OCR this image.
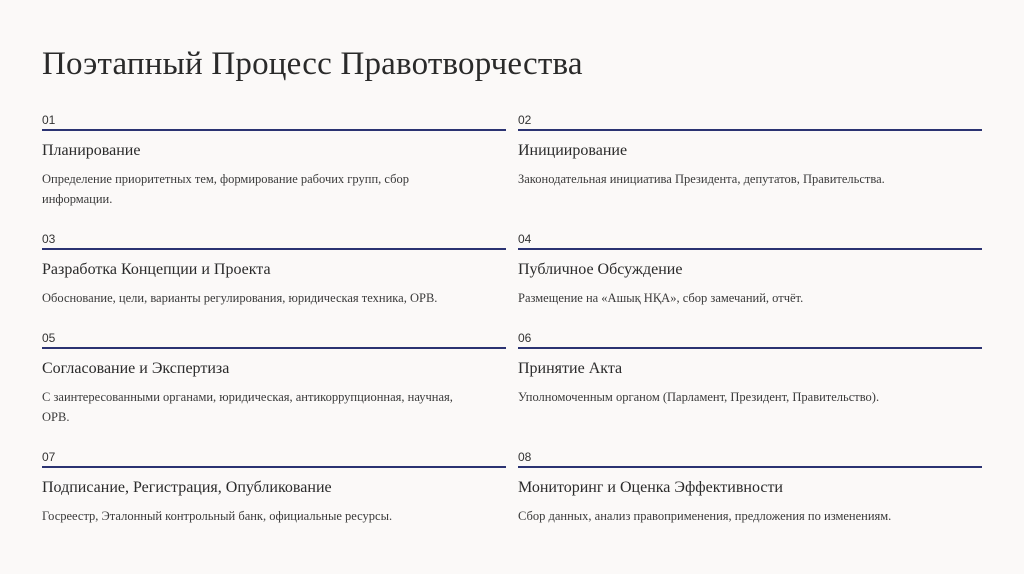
Поэтапный Процесс Правотворчества
01
Планирование
Определение приоритетных тем, формирование рабочих групп, сбор информации.
02
Инициирование
Законодательная инициатива Президента, депутатов, Правительства.
03
Разработка Концепции и Проекта
Обоснование, цели, варианты регулирования, юридическая техника, ОРВ.
04
Публичное Обсуждение
Размещение на «Ашық НҚА», сбор замечаний, отчёт.
05
Согласование и Экспертиза
С заинтересованными органами, юридическая, антикоррупционная, научная, ОРВ.
06
Принятие Акта
Уполномоченным органом (Парламент, Президент, Правительство).
07
Подписание, Регистрация, Опубликование
Госреестр, Эталонный контрольный банк, официальные ресурсы.
08
Мониторинг и Оценка Эффективности
Сбор данных, анализ правоприменения, предложения по изменениям.
